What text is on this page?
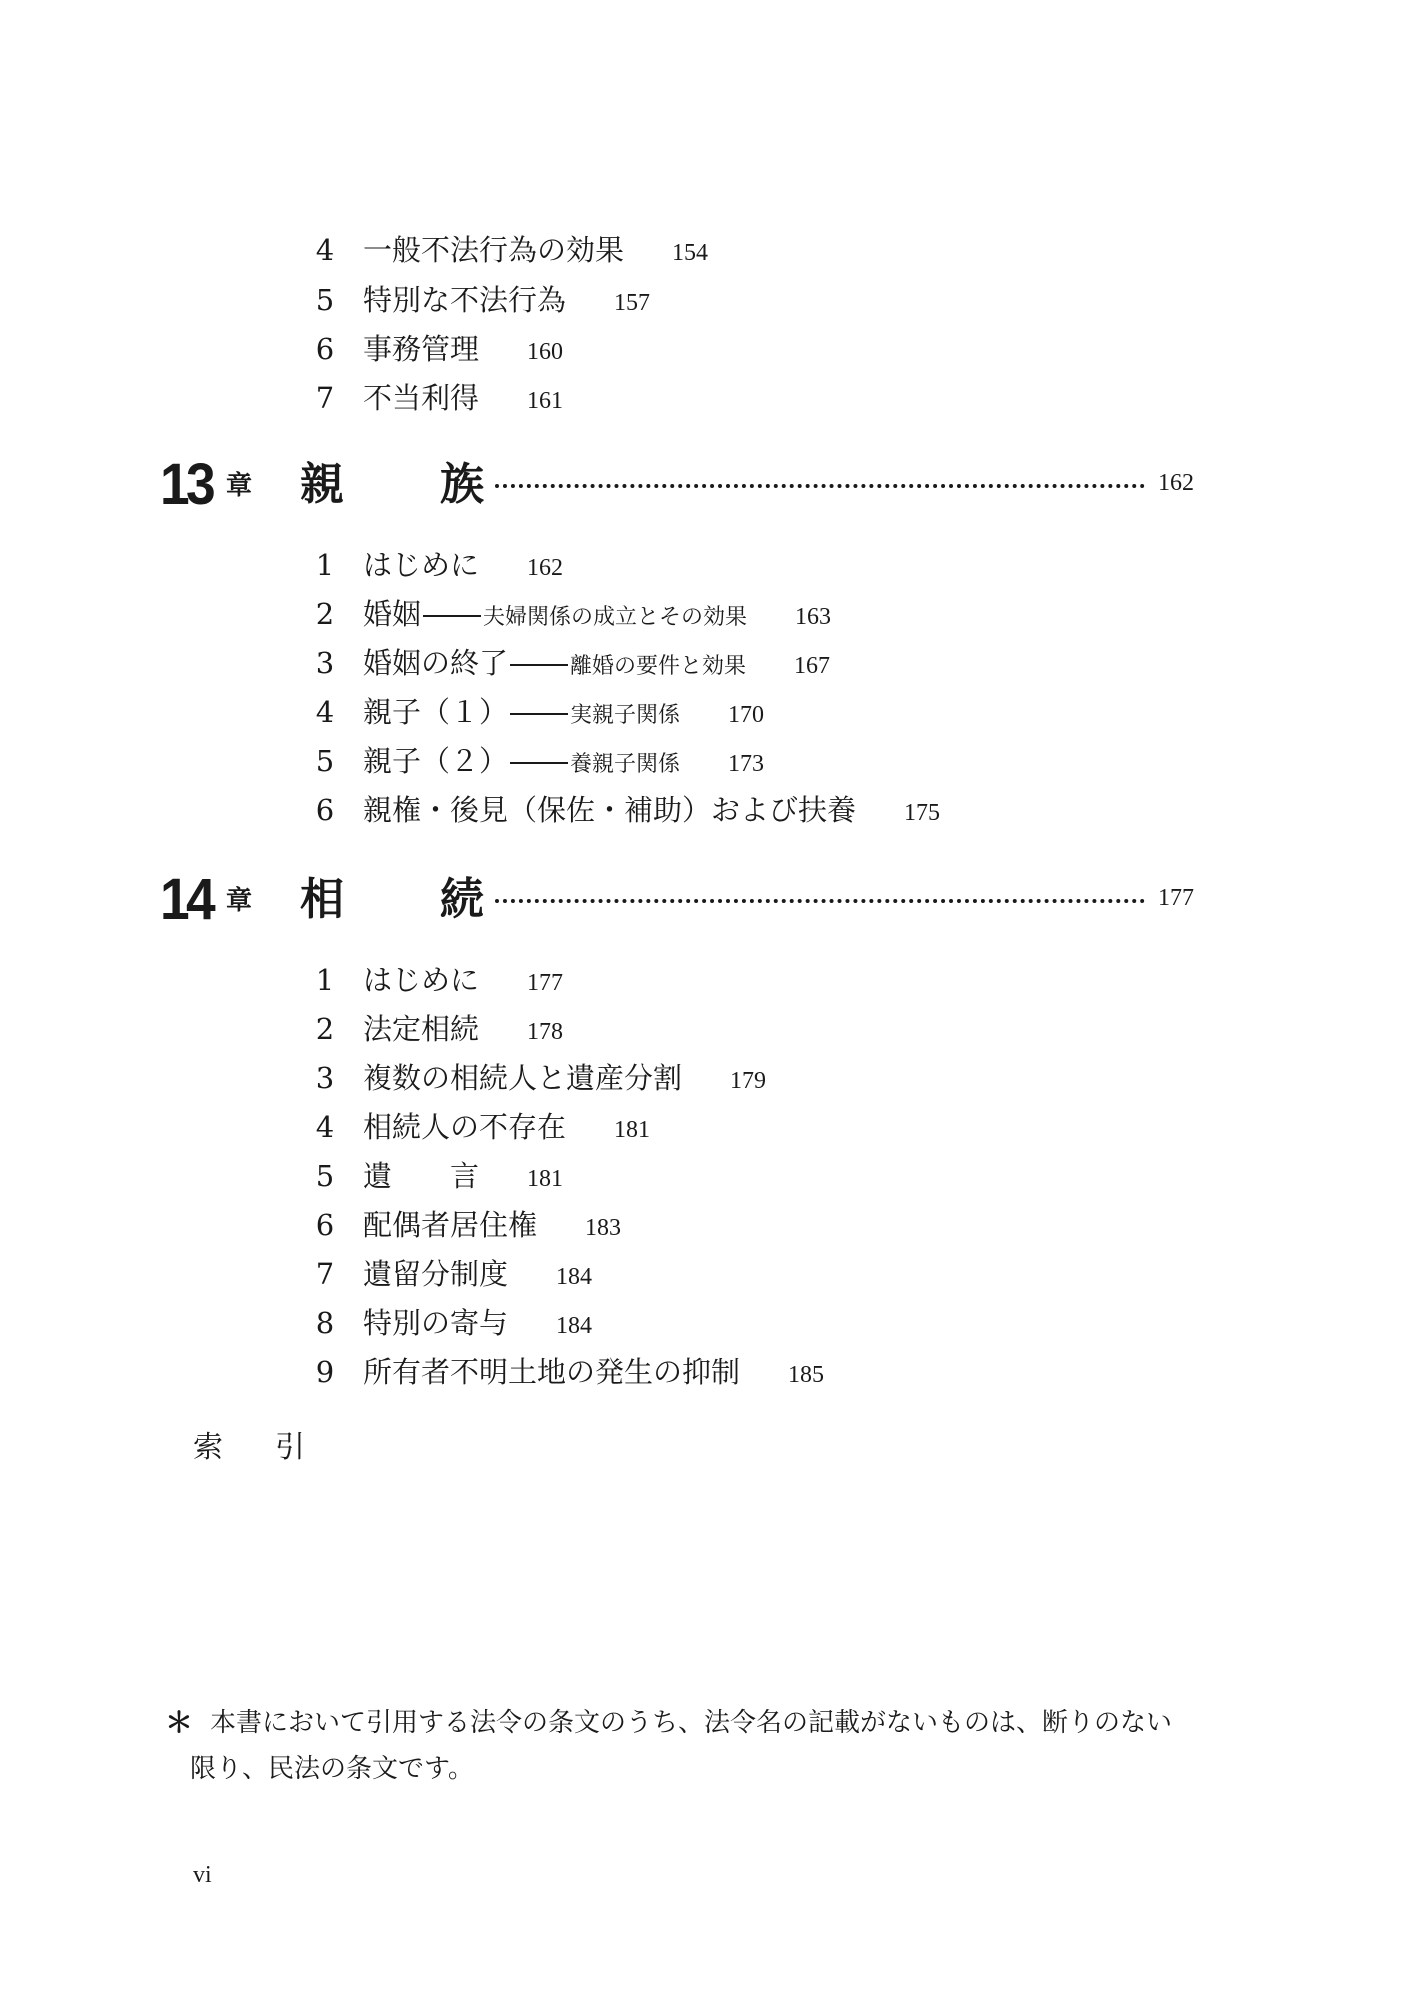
4 一般不法行為の効果 154
5 特別な不法行為 157
6 事務管理 160
7 不当利得 161
13 章 親族	162
1 はじめに 162
2 婚姻	夫婦関係の成立とその効果 163
3 婚姻の終了	離婚の要件と効果 167
4 親子（１）	実親子関係 170
5 親子（２）	養親子関係 173
6 親権・後見（保佐・補助）および扶養 175
14 章 相続	177
1 はじめに 177
2 法定相続 178
3 複数の相続人と遺産分割 179
4 相続人の不存在 181
5 遺　　言 181
6 配偶者居住権 183
7 遺留分制度 184
8 特別の寄与 184
9 所有者不明土地の発生の抑制 185
索引
＊ 本書において引用する法令の条文のうち、法令名の記載がないものは、断りのない
限り、民法の条文です。
vi
